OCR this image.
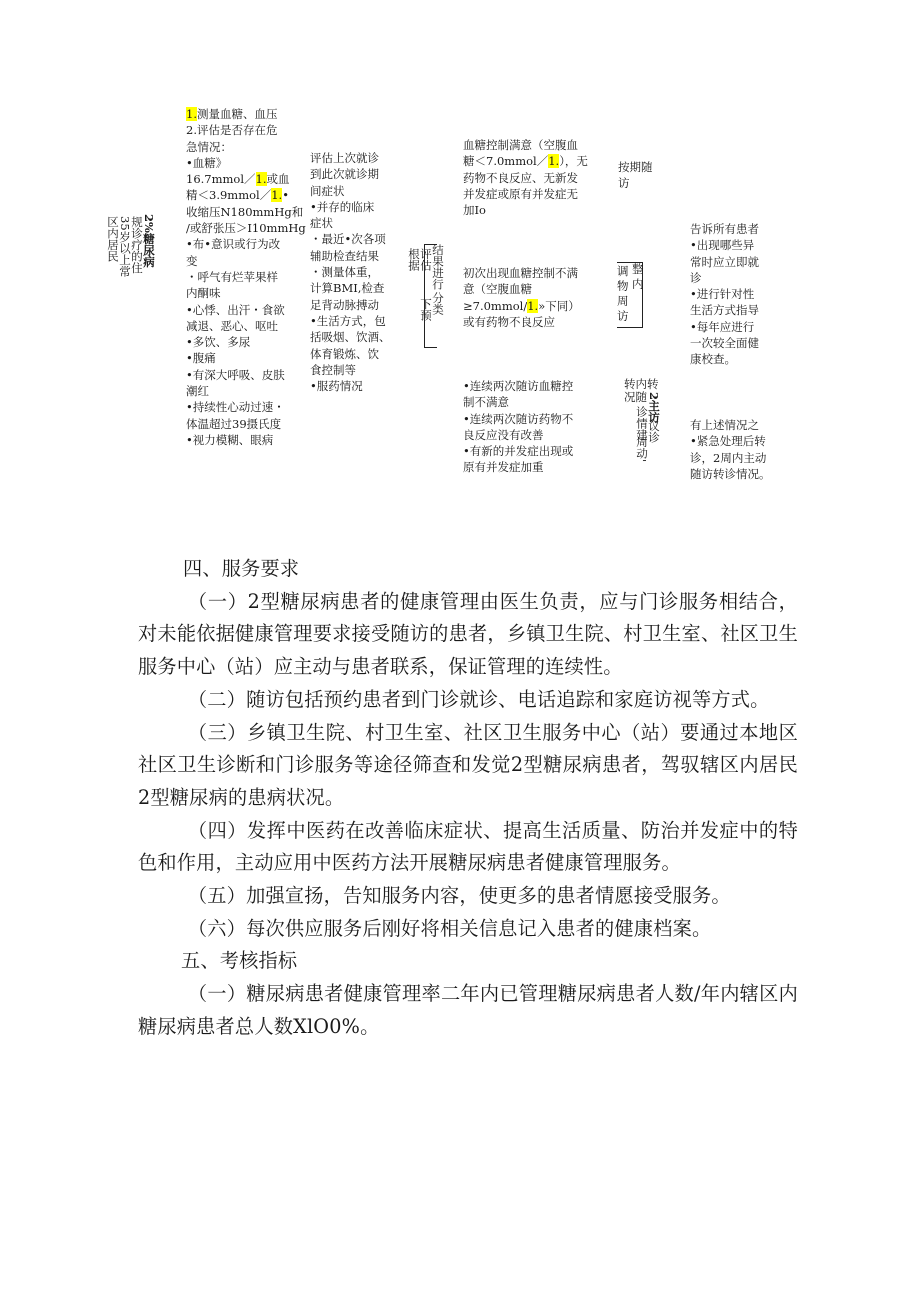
2%糖尿病
规诊疗的住
35岁以上常
区内居民
1.测量血糖、血压
2.评估是否存在危
急情况：
•血糖》
16.7mmol／1.或血
精＜3.9mmol／1.•
收缩压N180mmHg和
/或舒张压＞I10mmHg
•布•意识或行为改
变
・呼气有烂苹果样
内酮味
•心悸、出汗・食欲
减退、恶心、呕吐
•多饮、多尿
•腹痛
•有深大呼吸、皮肤
潮红
•持续性心动过速・
体温超过39摄氏度
•视力模糊、眼病
评估上次就诊
到此次就诊期
间症状
•并存的临床
症状
・最近•次各项
辅助检查结果
・测量体重，
计算BMI,检查
足背动脉搏动
•生活方式，包
括吸烟、饮酒、
体育锻炼、饮
食控制等
•服药情况
根据
评估
结果进行
分类
下预
血糖控制满意（空腹血
糖＜7.0mmol／1.），无
药物不良反应、无新发
并发症或原有并发症无
加Io
初次出现血糖控制不满
意（空腹血糖
≥7.0mmol/1.»下同）
或有药物不良反应
•连续两次随访血糖控
制不满意
•连续两次随访药物不
良反应没有改善
•有新的并发症出现或
原有并发症加重
按期随
访
调
物
周
访
整
内
转内转
况随 2主访
诊情建
议诊
周动'
告诉所有患者
•出现哪些异
常时应立即就
诊
•进行针对性
生活方式指导
•每年应进行
一次较全面健
康校查。
有上述情况之
•紧急处理后转
诊，2周内主动
随访转诊情况。

四、服务要求

（一）2型糖尿病患者的健康管理由医生负责，应与门诊服务相结合，对未能依据健康管理要求接受随访的患者，乡镇卫生院、村卫生室、社区卫生服务中心（站）应主动与患者联系，保证管理的连续性。

（二）随访包括预约患者到门诊就诊、电话追踪和家庭访视等方式。

（三）乡镇卫生院、村卫生室、社区卫生服务中心（站）要通过本地区社区卫生诊断和门诊服务等途径筛查和发觉2型糖尿病患者，驾驭辖区内居民2型糖尿病的患病状况。

（四）发挥中医药在改善临床症状、提高生活质量、防治并发症中的特色和作用，主动应用中医药方法开展糖尿病患者健康管理服务。

（五）加强宣扬，告知服务内容，使更多的患者情愿接受服务。

（六）每次供应服务后刚好将相关信息记入患者的健康档案。

五、考核指标

（一）糖尿病患者健康管理率二年内已管理糖尿病患者人数/年内辖区内糖尿病患者总人数XlO0%。
